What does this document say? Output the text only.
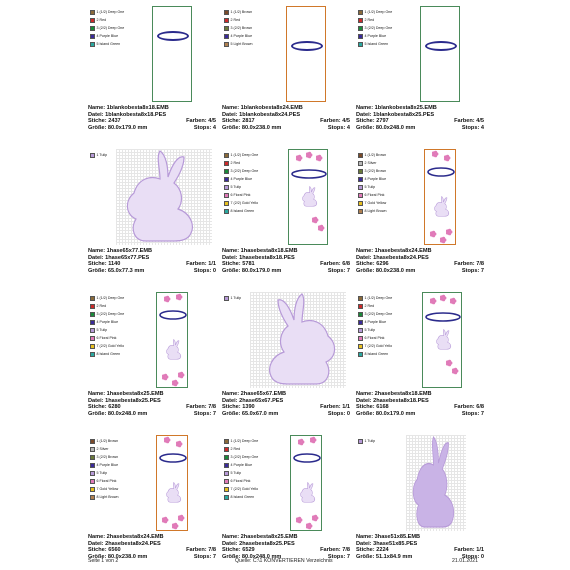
1 (1/2) Deep One
2 Red
3 (2/2) Deep One
4 Purple Blue
5 Island Green
Name: 1blankobesta8x18.EMB
Datei: 1blankobesta8x18.PES
Stiche: 2437	Farben: 4/5
Größe: 80.0x179.0 mm	Stops: 4
1 (1/2) Brown
2 Red
3 (2/2) Brown
4 Purple Blue
5 Light Brown
Name: 1blankobesta8x24.EMB
Datei: 1blankobesta8x24.PES
Stiche: 2817	Farben: 4/5
Größe: 80.0x238.0 mm	Stops: 4
1 (1/2) Deep One
2 Red
3 (2/2) Deep One
4 Purple Blue
5 Island Green
Name: 1blankobesta8x25.EMB
Datei: 1blankobesta8x25.PES
Stiche: 2797	Farben: 4/5
Größe: 80.0x248.0 mm	Stops: 4
1 Tulip
Name: 1hase65x77.EMB
Datei: 1hase65x77.PES
Stiche: 1140	Farben: 1/1
Größe: 65.0x77.3 mm	Stops: 0
1 (1/2) Deep One
2 Red
3 (2/2) Deep One
4 Purple Blue
5 Tulip
6 Floral Pink
7 (2/2) Gold Yello
8 Island Green
Name: 1hasebesta8x18.EMB
Datei: 1hasebesta8x18.PES
Stiche: 5781	Farben: 6/8
Größe: 80.0x179.0 mm	Stops: 7
1 (1/2) Brown
2 Silver
3 (2/2) Brown
4 Purple Blue
5 Tulip
6 Floral Pink
7 Gold Yellow
8 Light Brown
Name: 1hasebesta8x24.EMB
Datei: 1hasebesta8x24.PES
Stiche: 6296	Farben: 7/8
Größe: 80.0x238.0 mm	Stops: 7
1 (1/2) Deep One
2 Red
3 (2/2) Deep One
4 Purple Blue
5 Tulip
6 Floral Pink
7 (2/2) Gold Yello
8 Island Green
Name: 1hasebesta8x25.EMB
Datei: 1hasebesta8x25.PES
Stiche: 6280	Farben: 7/8
Größe: 80.0x248.0 mm	Stops: 7
1 Tulip
Name: 2hase65x67.EMB
Datei: 2hase65x67.PES
Stiche: 1390	Farben: 1/1
Größe: 65.0x67.0 mm	Stops: 0
1 (1/2) Deep One
2 Red
3 (2/2) Deep One
4 Purple Blue
5 Tulip
6 Floral Pink
7 (2/2) Gold Yello
8 Island Green
Name: 2hasebesta8x18.EMB
Datei: 2hasebesta8x18.PES
Stiche: 6168	Farben: 6/8
Größe: 80.0x179.0 mm	Stops: 7
1 (1/2) Brown
2 Silver
3 (2/2) Brown
4 Purple Blue
5 Tulip
6 Floral Pink
7 Gold Yellow
8 Light Brown
Name: 2hasebesta8x24.EMB
Datei: 2hasebesta8x24.PES
Stiche: 6560	Farben: 7/8
Größe: 80.0x238.0 mm	Stops: 7
1 (1/2) Deep One
2 Red
3 (2/2) Deep One
4 Purple Blue
5 Tulip
6 Floral Pink
7 (2/2) Gold Yello
8 Island Green
Name: 2hasebesta8x25.EMB
Datei: 2hasebesta8x25.PES
Stiche: 6529	Farben: 7/8
Größe: 80.0x248.0 mm	Stops: 7
1 Tulip
Name: 3hase51x85.EMB
Datei: 3hase51x85.PES
Stiche: 2224	Farben: 1/1
Größe: 51.1x84.9 mm	Stops: 0
Seite 1 von 2	Quelle: C:\1 KONVERTIEREN Verzeichnis	21.01.2021
